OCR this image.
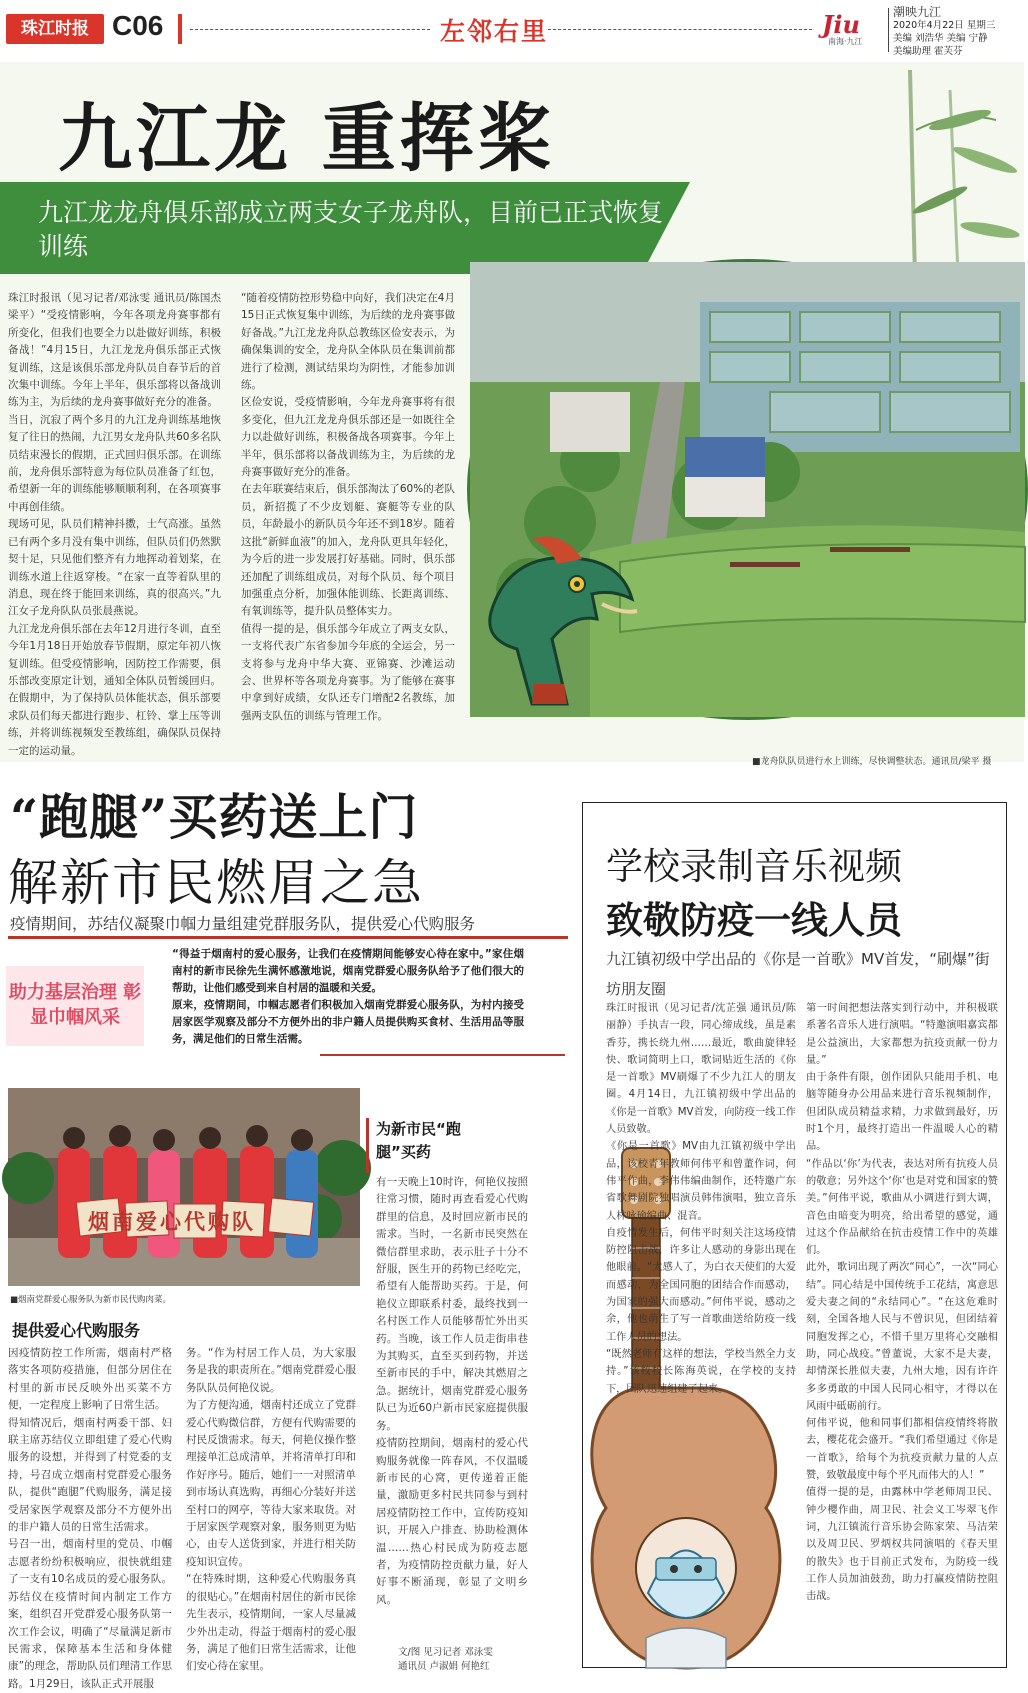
珠江时报 C06	左邻右里	Jiu
南海·九江
潮映九江
2020年4月22日 星期三
美编 刘浩华 美编 宁静
美编助理 霍芙芬
九江龙 重挥桨
九江龙龙舟俱乐部成立两支女子龙舟队，目前已正式恢复训练
珠江时报讯（见习记者/邓泳雯 通讯员/陈国杰 梁平）“受疫情影响，今年各项龙舟赛事都有所变化，但我们也要全力以赴做好训练，积极备战！”4月15日，九江龙龙舟俱乐部正式恢复训练，这是该俱乐部龙舟队员自春节后的首次集中训练。今年上半年，俱乐部将以备战训练为主，为后续的龙舟赛事做好充分的准备。
当日，沉寂了两个多月的九江龙舟训练基地恢复了往日的热闹，九江男女龙舟队共60多名队员结束漫长的假期，正式回归俱乐部。在训练前，龙舟俱乐部特意为每位队员准备了红包，希望新一年的训练能够顺顺利利，在各项赛事中再创佳绩。
现场可见，队员们精神抖擞，士气高涨。虽然已有两个多月没有集中训练，但队员们仍然默契十足，只见他们整齐有力地挥动着划桨，在训练水道上往返穿梭。“在家一直等着队里的消息，现在终于能回来训练，真的很高兴。”九江女子龙舟队队员张晨燕说。
九江龙龙舟俱乐部在去年12月进行冬训，直至今年1月18日开始放春节假期，原定年初八恢复训练。但受疫情影响，因防控工作需要，俱乐部改变原定计划，通知全体队员暂缓回归。在假期中，为了保持队员体能状态，俱乐部要求队员们每天都进行跑步、杠铃、掌上压等训练，并将训练视频发至教练组，确保队员保持一定的运动量。
“随着疫情防控形势稳中向好，我们决定在4月15日正式恢复集中训练，为后续的龙舟赛事做好备战。”九江龙龙舟队总教练区俭安表示，为确保集训的安全，龙舟队全体队员在集训前都进行了检测，测试结果均为阴性，才能参加训练。
区俭安说，受疫情影响，今年龙舟赛事将有很多变化，但九江龙龙舟俱乐部还是一如既往全力以赴做好训练，积极备战各项赛事。今年上半年，俱乐部将以备战训练为主，为后续的龙舟赛事做好充分的准备。
在去年联赛结束后，俱乐部淘汰了60%的老队员，新招揽了不少皮划艇、赛艇等专业的队员，年龄最小的新队员今年还不到18岁。随着这批“新鲜血液”的加入，龙舟队更具年轻化，为今后的进一步发展打好基础。同时，俱乐部还加配了训练组成员，对每个队员、每个项目加强重点分析，加强体能训练、长距离训练、有氧训练等，提升队员整体实力。
值得一提的是，俱乐部今年成立了两支女队，一支将代表广东省参加今年底的全运会，另一支将参与龙舟中华大赛、亚锦赛、沙滩运动会、世界杯等各项龙舟赛事。为了能够在赛事中拿到好成绩，女队还专门增配2名教练，加强两支队伍的训练与管理工作。
■龙舟队队员进行水上训练，尽快调整状态。通讯员/梁平 摄
“跑腿”买药送上门
解新市民燃眉之急
疫情期间，苏结仪凝聚巾帼力量组建党群服务队，提供爱心代购服务
助力基层治理 彰显巾帼风采
“得益于烟南村的爱心服务，让我们在疫情期间能够安心待在家中。”家住烟南村的新市民徐先生满怀感激地说，烟南党群爱心服务队给予了他们很大的帮助，让他们感受到来自村居的温暖和关爱。
原来，疫情期间，巾帼志愿者们积极加入烟南党群爱心服务队，为村内接受居家医学观察及部分不方便外出的非户籍人员提供购买食材、生活用品等服务，满足他们的日常生活需。
烟南爱心代购队
■烟南党群爱心服务队为新市民代购肉菜。
为新市民“跑腿”买药
有一天晚上10时许，何艳仪按照往常习惯，随时再查看爱心代购群里的信息，及时回应新市民的需求。当时，一名新市民突然在微信群里求助，表示肚子十分不舒服，医生开的药物已经吃完，希望有人能帮助买药。于是，何艳仪立即联系村委，最终找到一名村医工作人员能够帮忙外出买药。当晚，该工作人员走街串巷为其购买，直至买到药物，并送至新市民的手中，解决其燃眉之急。据统计，烟南党群爱心服务队已为近60户新市民家庭提供服务。
疫情防控期间，烟南村的爱心代购服务就像一阵春风，不仅温暖新市民的心窝，更传递着正能量，激励更多村民共同参与到村居疫情防控工作中，宣传防疫知识，开展入户排查、协助检测体温……热心村民成为防疫志愿者，为疫情防控贡献力量，好人好事不断涌现，彰显了文明乡风。
提供爱心代购服务
因疫情防控工作所需，烟南村严格落实各项防疫措施，但部分居住在村里的新市民反映外出买菜不方便，一定程度上影响了日常生活。
得知情况后，烟南村两委干部、妇联主席苏结仪立即组建了爱心代购服务的设想，并得到了村党委的支持，号召成立烟南村党群爱心服务队，提供“跑腿”代购服务，满足接受居家医学观察及部分不方便外出的非户籍人员的日常生活需求。
号召一出，烟南村里的党员、巾帼志愿者纷纷积极响应，很快就组建了一支有10名成员的爱心服务队。苏结仪在疫情时间内制定工作方案，组织召开党群爱心服务队第一次工作会议，明确了“尽量满足新市民需求，保障基本生活和身体健康”的理念，帮助队员们理清工作思路。1月29日，该队正式开展服
务。“作为村居工作人员，为大家服务是我的职责所在。”烟南党群爱心服务队队员何艳仪说。
为了方便沟通，烟南村还成立了党群爱心代购微信群，方便有代购需要的村民反馈需求。每天，何艳仪操作整理接单汇总成清单，并将清单打印和作好序号。随后，她们一一对照清单到市场认真选购，再细心分装好并送至村口的网亭，等待大家来取货。对于居家医学观察对象，服务则更为贴心，由专人送货到家，并进行相关防疫知识宣传。
“在特殊时期，这种爱心代购服务真的很贴心。”在烟南村居住的新市民徐先生表示，疫情期间，一家人尽量减少外出走动，得益于烟南村的爱心服务，满足了他们日常生活需求，让他们安心待在家里。
文/图 见习记者 邓泳雯
通讯员 卢淑娟 何艳红
学校录制音乐视频
致敬防疫一线人员
九江镇初级中学出品的《你是一首歌》MV首发，“刷爆”街坊朋友圈
珠江时报讯（见习记者/沈芷强 通讯员/陈丽静）手执吉一段，同心缔成线，虽是素香芬，携长绕九州……最近，歌曲旋律轻快、歌词简明上口，歌词贴近生活的《你是一首歌》MV刷爆了不少九江人的朋友圈。4月14日，九江镇初级中学出品的《你是一首歌》MV首发，向防疫一线工作人员致敬。
《你是一首歌》MV由九江镇初级中学出品，该校青年教师何伟平和曾董作词，何伟平作曲，李伟伟编曲制作，还特邀广东省歌舞剧院独唱演员韩伟演唱，独立音乐人林咏瑜编曲、混音。
自疫情发生后，何伟平时刻关注这场疫情防控阻击战，许多让人感动的身影出现在他眼前。“太感人了，为白衣天使们的大爱而感动，为全国同胞的团结合作而感动，为国家的强大而感动。”何伟平说，感动之余，他也萌生了写一首歌曲送给防疫一线工作人员的想法。
“既然老师有这样的想法，学校当然全力支持。”该校校长陈海英说，在学校的支持下，团队迅速组建了起来。
第一时间把想法落实到行动中，并积极联系著名音乐人进行演唱。“特邀演唱嘉宾都是公益演出，大家都想为抗疫贡献一份力量。”
由于条件有限，创作团队只能用手机、电脑等随身办公用品来进行音乐视频制作，但团队成员精益求精，力求做到最好，历时1个月，最终打造出一件温暖人心的精品。
“作品以‘你’为代表，表达对所有抗疫人员的敬意；另外这个‘你’也是对党和国家的赞美。”何伟平说，歌曲从小调进行到大调，音色由暗变为明亮，给出希望的感觉，通过这个作品献给在抗击疫情工作中的英雄们。
此外，歌词出现了两次“同心”，一次“同心结”。同心结是中国传统手工花结，寓意思爱夫妻之间的“永结同心”。“在这危难时刻，全国各地人民与不曾识见，但团结着同胞发挥之心，不惜千里万里将心交融相助，同心战疫。”曾董说，大家不是夫妻，却情深长胜似夫妻，九州大地，因有许许多多勇敢的中国人民同心相守，才得以在风雨中砥砺前行。
何伟平说，他和同事们都相信疫情终将散去，樱花花会盛开。“我们希望通过《你是一首歌》，给每个为抗疫贡献力量的人点赞，致敬最度中每个平凡而伟大的人！”
值得一提的是，由露林中学老师周卫民、钟少樱作曲，周卫民、社会义工岑翠飞作词，九江镇流行音乐协会陈家荣、马洁荣以及周卫民、罗炳权共同演唱的《春天里的散失》也于目前正式发布，为防疫一线工作人员加油鼓劲，助力打赢疫情防控阻击战。
